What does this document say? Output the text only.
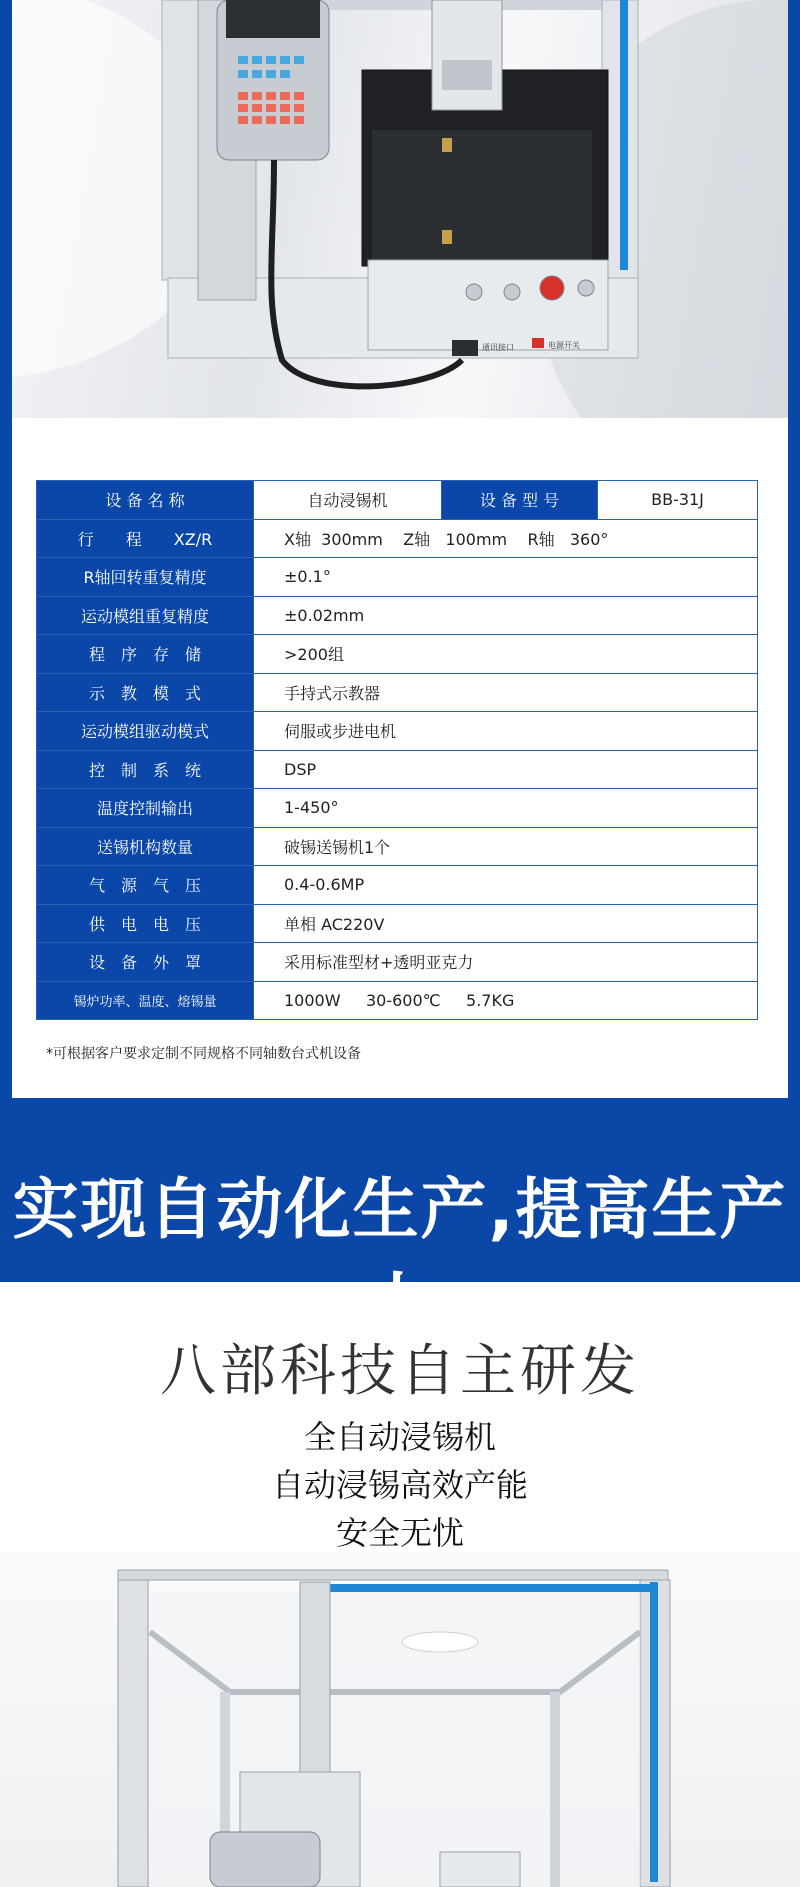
通讯接口	电源开关
设 备 名 称	自动浸锡机	设 备 型 号	BB-31J
行　　程　　XZ/R	X轴  300mm    Z轴   100mm    R轴   360°		
R轴回转重复精度	±0.1°		
运动模组重复精度	±0.02mm		
程　序　存　储	>200组		
示　教　模　式	手持式示教器		
运动模组驱动模式	伺服或步进电机		
控　制　系　统	DSP		
温度控制输出	1-450°		
送锡机构数量	破锡送锡机1个		
气　源　气　压	0.4-0.6MP		
供　电　电　压	单相 AC220V		
设　备　外　罩	采用标准型材+透明亚克力		
锡炉功率、温度、熔锡量	1000W     30-600℃     5.7KG		
*可根据客户要求定制不同规格不同轴数台式机设备
实现自动化生产,提高生产
八部科技自主研发
全自动浸锡机
自动浸锡高效产能
安全无忧
